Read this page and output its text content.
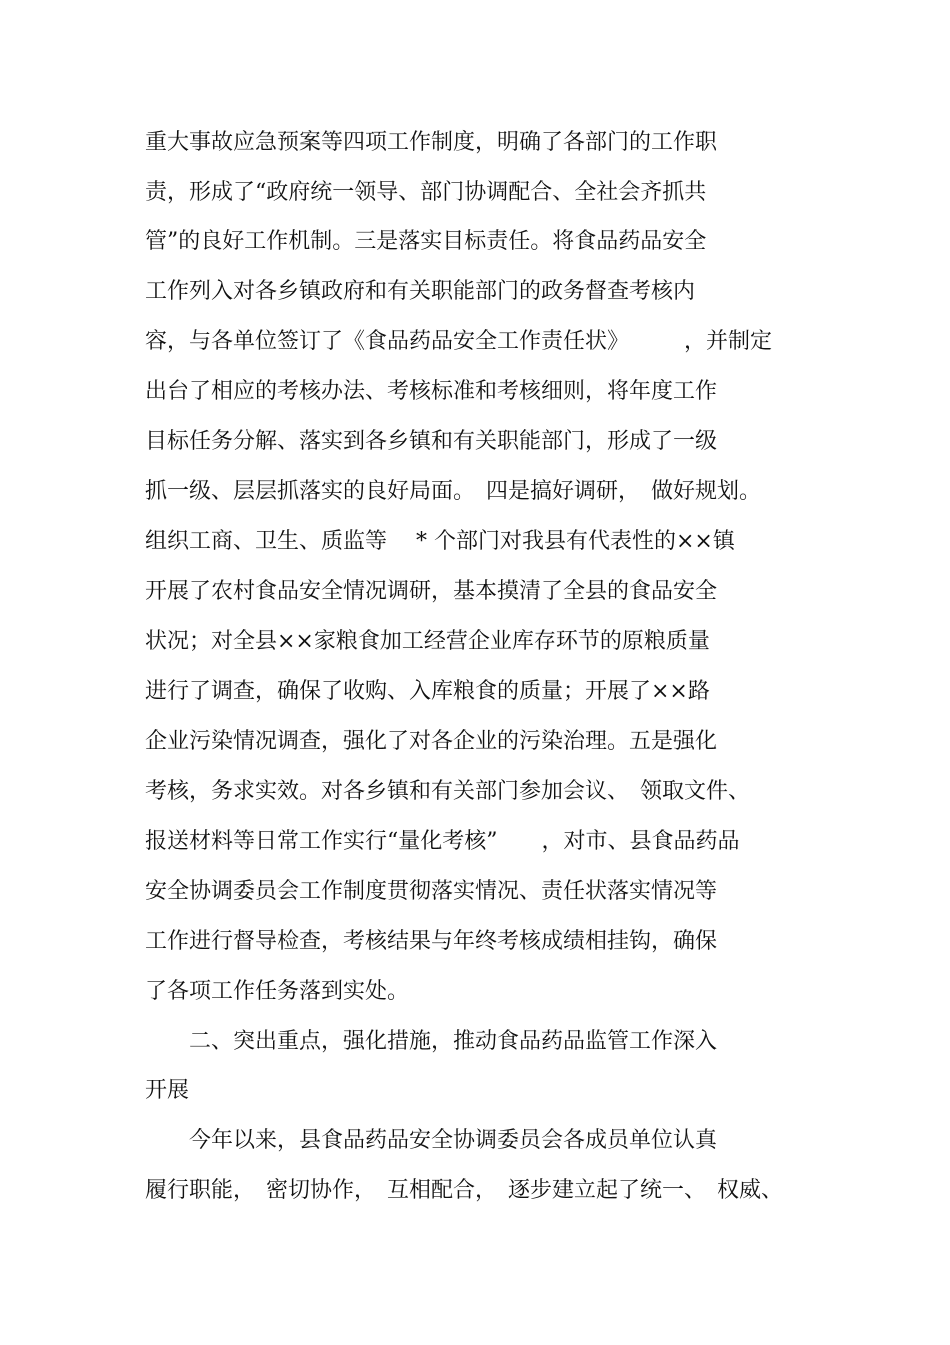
重大事故应急预案等四项工作制度，明确了各部门的工作职

责，形成了“政府统一领导、部门协调配合、全社会齐抓共

管”的良好工作机制。三是落实目标责任。将食品药品安全

工作列入对各乡镇政府和有关职能部门的政务督查考核内

容，与各单位签订了《食品药品安全工作责任状》　　　，并制定

出台了相应的考核办法、考核标准和考核细则，将年度工作

目标任务分解、落实到各乡镇和有关职能部门，形成了一级

抓一级、层层抓落实的良好局面。　四是搞好调研，　做好规划。

组织工商、卫生、质监等　 * 个部门对我县有代表性的××镇

开展了农村食品安全情况调研，基本摸清了全县的食品安全

状况；对全县××家粮食加工经营企业库存环节的原粮质量

进行了调查，确保了收购、入库粮食的质量；开展了××路

企业污染情况调查，强化了对各企业的污染治理。五是强化

考核，务求实效。对各乡镇和有关部门参加会议、　领取文件、

报送材料等日常工作实行“量化考核”　　，对市、县食品药品

安全协调委员会工作制度贯彻落实情况、责任状落实情况等

工作进行督导检查，考核结果与年终考核成绩相挂钩，确保

了各项工作任务落到实处。

　　二、突出重点，强化措施，推动食品药品监管工作深入

开展

　　今年以来，县食品药品安全协调委员会各成员单位认真

履行职能，　密切协作，　互相配合，　逐步建立起了统一、　权威、
